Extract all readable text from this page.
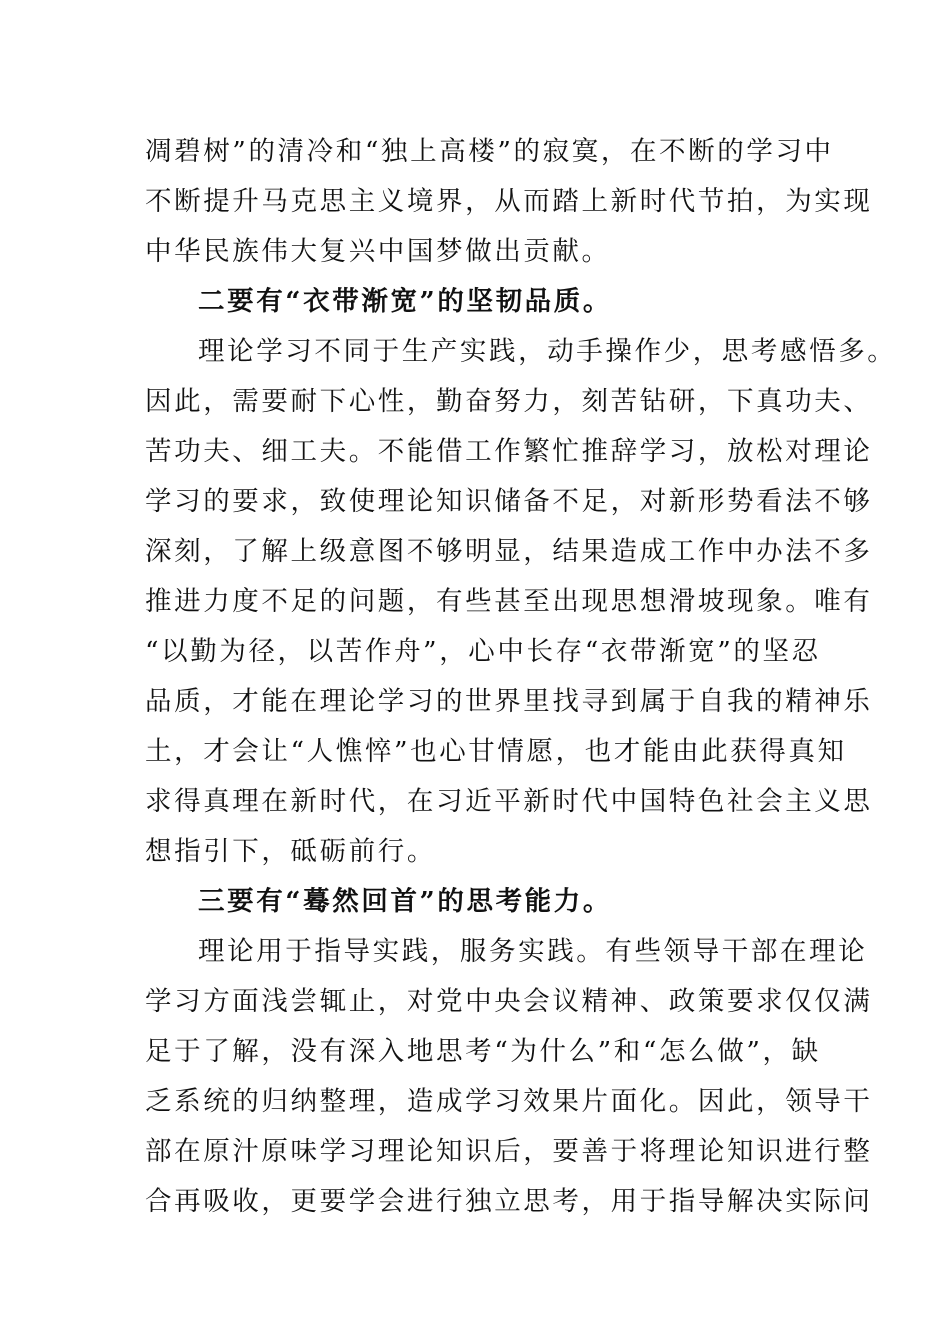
凋碧树”的清冷和“独上高楼”的寂寞，在不断的学习中
不断提升马克思主义境界，从而踏上新时代节拍，为实现
中华民族伟大复兴中国梦做出贡献。
二要有“衣带渐宽”的坚韧品质。
理论学习不同于生产实践，动手操作少，思考感悟多。
因此，需要耐下心性，勤奋努力，刻苦钻研，下真功夫、
苦功夫、细工夫。不能借工作繁忙推辞学习，放松对理论
学习的要求，致使理论知识储备不足，对新形势看法不够
深刻，了解上级意图不够明显，结果造成工作中办法不多
推进力度不足的问题，有些甚至出现思想滑坡现象。唯有
“以勤为径，以苦作舟”，心中长存“衣带渐宽”的坚忍
品质，才能在理论学习的世界里找寻到属于自我的精神乐
土，才会让“人憔悴”也心甘情愿，也才能由此获得真知
求得真理在新时代，在习近平新时代中国特色社会主义思
想指引下，砥砺前行。
三要有“蓦然回首”的思考能力。
理论用于指导实践，服务实践。有些领导干部在理论
学习方面浅尝辄止，对党中央会议精神、政策要求仅仅满
足于了解，没有深入地思考“为什么”和“怎么做”，缺
乏系统的归纳整理，造成学习效果片面化。因此，领导干
部在原汁原味学习理论知识后，要善于将理论知识进行整
合再吸收，更要学会进行独立思考，用于指导解决实际问
